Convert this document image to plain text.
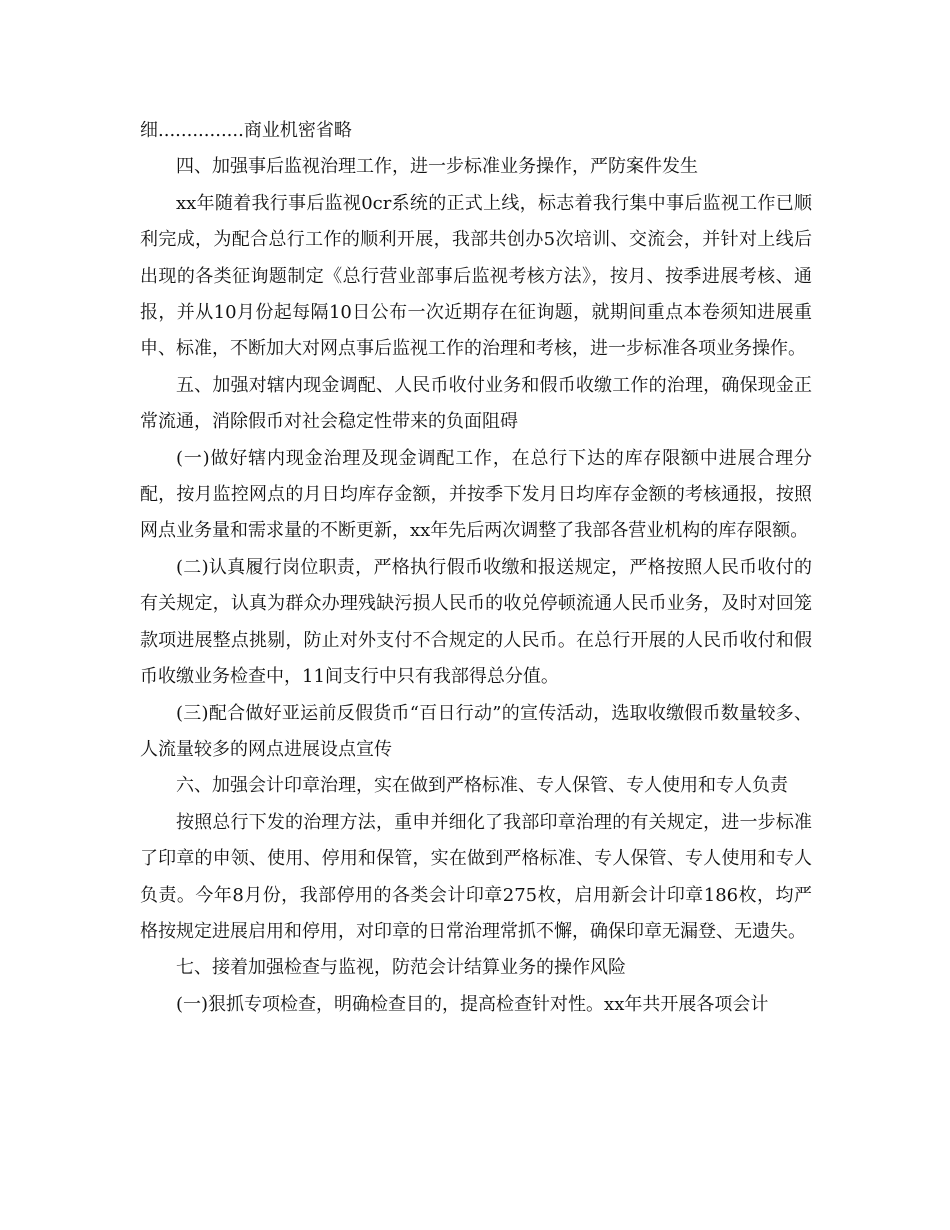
细...............商业机密省略

四、加强事后监视治理工作，进一步标准业务操作，严防案件发生

xx年随着我行事后监视0cr系统的正式上线，标志着我行集中事后监视工作已顺利完成，为配合总行工作的顺利开展，我部共创办5次培训、交流会，并针对上线后出现的各类征询题制定《总行营业部事后监视考核方法》，按月、按季进展考核、通报，并从10月份起每隔10日公布一次近期存在征询题，就期间重点本卷须知进展重申、标准，不断加大对网点事后监视工作的治理和考核，进一步标准各项业务操作。

五、加强对辖内现金调配、人民币收付业务和假币收缴工作的治理，确保现金正常流通，消除假币对社会稳定性带来的负面阻碍

(一)做好辖内现金治理及现金调配工作，在总行下达的库存限额中进展合理分配，按月监控网点的月日均库存金额，并按季下发月日均库存金额的考核通报，按照网点业务量和需求量的不断更新，xx年先后两次调整了我部各营业机构的库存限额。

(二)认真履行岗位职责，严格执行假币收缴和报送规定，严格按照人民币收付的有关规定，认真为群众办理残缺污损人民币的收兑停顿流通人民币业务，及时对回笼款项进展整点挑剔，防止对外支付不合规定的人民币。在总行开展的人民币收付和假币收缴业务检查中，11间支行中只有我部得总分值。

(三)配合做好亚运前反假货币“百日行动”的宣传活动，选取收缴假币数量较多、人流量较多的网点进展设点宣传

六、加强会计印章治理，实在做到严格标准、专人保管、专人使用和专人负责

按照总行下发的治理方法，重申并细化了我部印章治理的有关规定，进一步标准了印章的申领、使用、停用和保管，实在做到严格标准、专人保管、专人使用和专人负责。今年8月份，我部停用的各类会计印章275枚，启用新会计印章186枚，均严格按规定进展启用和停用，对印章的日常治理常抓不懈，确保印章无漏登、无遗失。

七、接着加强检查与监视，防范会计结算业务的操作风险

(一)狠抓专项检查，明确检查目的，提高检查针对性。xx年共开展各项会计
